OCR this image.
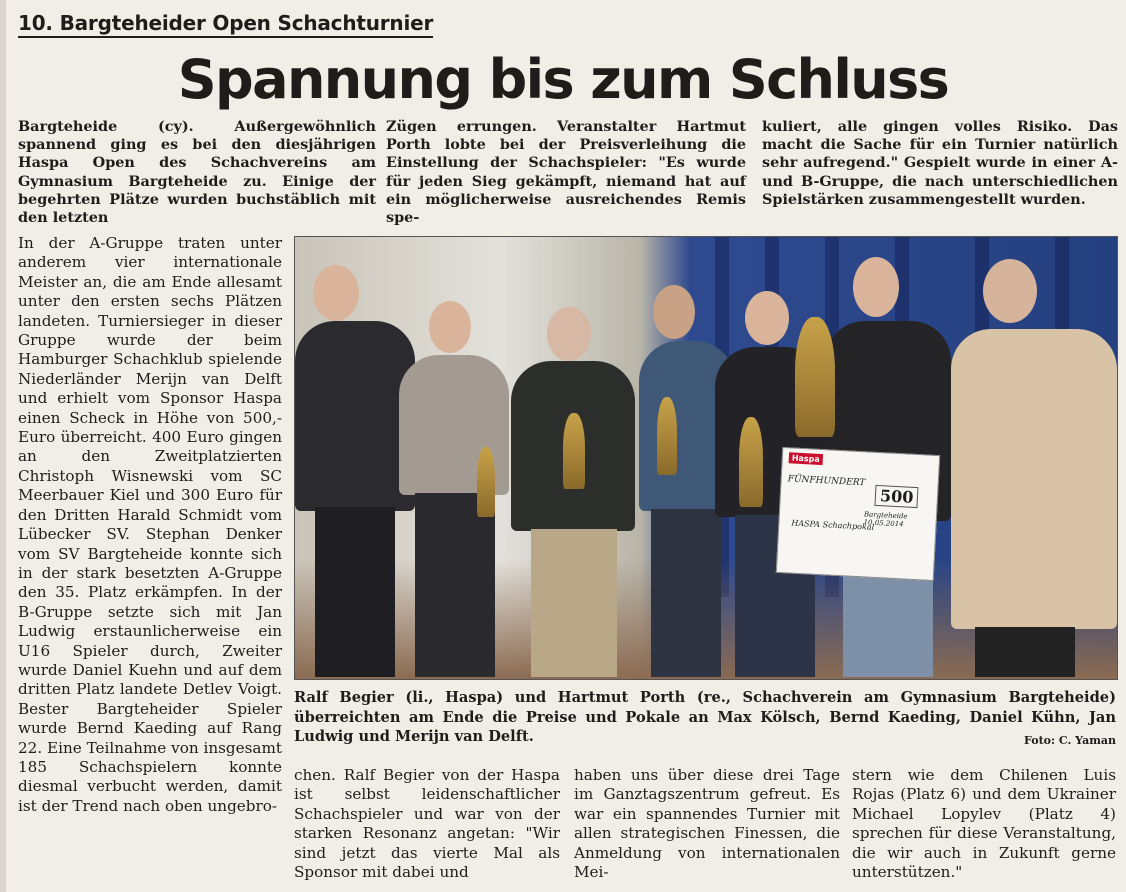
10. Bargteheider Open Schachturnier
Spannung bis zum Schluss
Bargteheide (cy). Außergewöhnlich spannend ging es bei den diesjährigen Haspa Open des Schachvereins am Gymnasium Bargteheide zu. Einige der begehrten Plätze wurden buchstäblich mit den letzten
Zügen errungen. Veranstalter Hartmut Porth lobte bei der Preisverleihung die Einstellung der Schachspieler: "Es wurde für jeden Sieg gekämpft, niemand hat auf ein möglicherweise ausreichendes Remis spe-
kuliert, alle gingen volles Risiko. Das macht die Sache für ein Turnier natürlich sehr aufregend." Gespielt wurde in einer A- und B-Gruppe, die nach unterschiedlichen Spielstärken zusammengestellt wurden.
In der A-Gruppe traten unter anderem vier internationale Meister an, die am Ende allesamt unter den ersten sechs Plätzen landeten. Turniersieger in dieser Gruppe wurde der beim Hamburger Schachklub spielende Niederländer Merijn van Delft und erhielt vom Sponsor Haspa einen Scheck in Höhe von 500,- Euro überreicht. 400 Euro gingen an den Zweitplatzierten Christoph Wisnewski vom SC Meerbauer Kiel und 300 Euro für den Dritten Harald Schmidt vom Lübecker SV. Stephan Denker vom SV Bargteheide konnte sich in der stark besetzten A-Gruppe den 35. Platz erkämpfen. In der B-Gruppe setzte sich mit Jan Ludwig erstaunlicherweise ein U16 Spieler durch, Zweiter wurde Daniel Kuehn und auf dem dritten Platz landete Detlev Voigt. Bester Bargteheider Spieler wurde Bernd Kaeding auf Rang 22. Eine Teilnahme von insgesamt 185 Schachspielern konnte diesmal verbucht werden, damit ist der Trend nach oben ungebro-
Haspa
FÜNFHUNDERT
500
Bargteheide 10.05.2014
HASPA Schachpokal
Ralf Begier (li., Haspa) und Hartmut Porth (re., Schachverein am Gymnasium Bargteheide) überreichten am Ende die Preise und Pokale an Max Kölsch, Bernd Kaeding, Daniel Kühn, Jan Ludwig und Merijn van Delft.	Foto: C. Yaman
chen. Ralf Begier von der Haspa ist selbst leidenschaftlicher Schachspieler und war von der starken Resonanz angetan: "Wir sind jetzt das vierte Mal als Sponsor mit dabei und
haben uns über diese drei Tage im Ganztagszentrum gefreut. Es war ein spannendes Turnier mit allen strategischen Finessen, die Anmeldung von internationalen Mei-
stern wie dem Chilenen Luis Rojas (Platz 6) und dem Ukrainer Michael Lopylev (Platz 4) sprechen für diese Veranstaltung, die wir auch in Zukunft gerne unterstützen."
